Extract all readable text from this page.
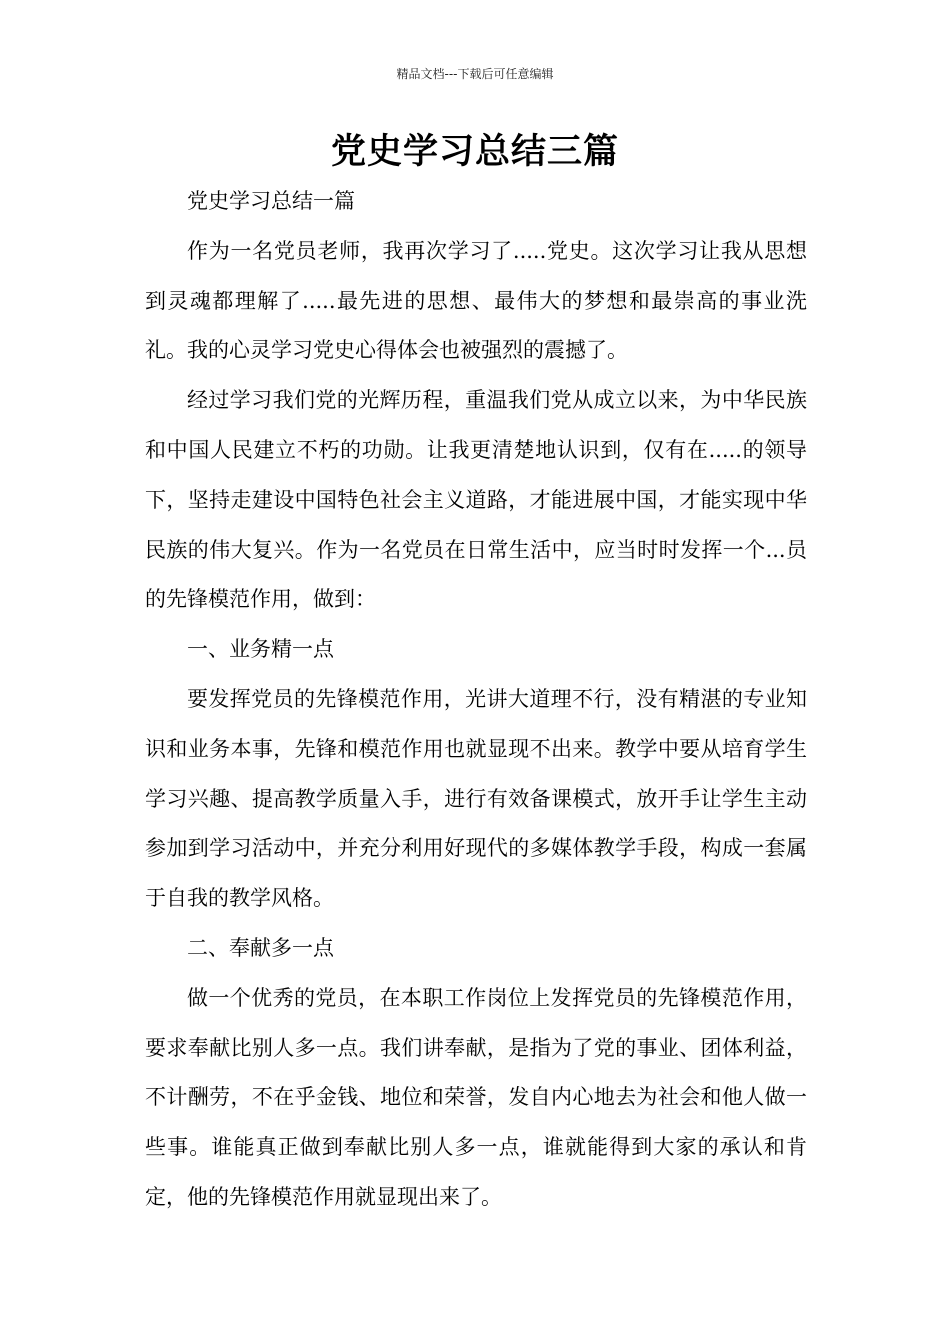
精品文档---下载后可任意编辑
党史学习总结三篇

党史学习总结一篇

作为一名党员老师，我再次学习了.....党史。这次学习让我从思想到灵魂都理解了.....最先进的思想、最伟大的梦想和最崇高的事业洗礼。我的心灵学习党史心得体会也被强烈的震撼了。

经过学习我们党的光辉历程，重温我们党从成立以来，为中华民族和中国人民建立不朽的功勋。让我更清楚地认识到，仅有在.....的领导下，坚持走建设中国特色社会主义道路，才能进展中国，才能实现中华民族的伟大复兴。作为一名党员在日常生活中，应当时时发挥一个...员的先锋模范作用，做到：

一、业务精一点

要发挥党员的先锋模范作用，光讲大道理不行，没有精湛的专业知识和业务本事，先锋和模范作用也就显现不出来。教学中要从培育学生学习兴趣、提高教学质量入手，进行有效备课模式，放开手让学生主动参加到学习活动中，并充分利用好现代的多媒体教学手段，构成一套属于自我的教学风格。

二、奉献多一点

做一个优秀的党员，在本职工作岗位上发挥党员的先锋模范作用，要求奉献比别人多一点。我们讲奉献，是指为了党的事业、团体利益，不计酬劳，不在乎金钱、地位和荣誉，发自内心地去为社会和他人做一些事。谁能真正做到奉献比别人多一点，谁就能得到大家的承认和肯定，他的先锋模范作用就显现出来了。
